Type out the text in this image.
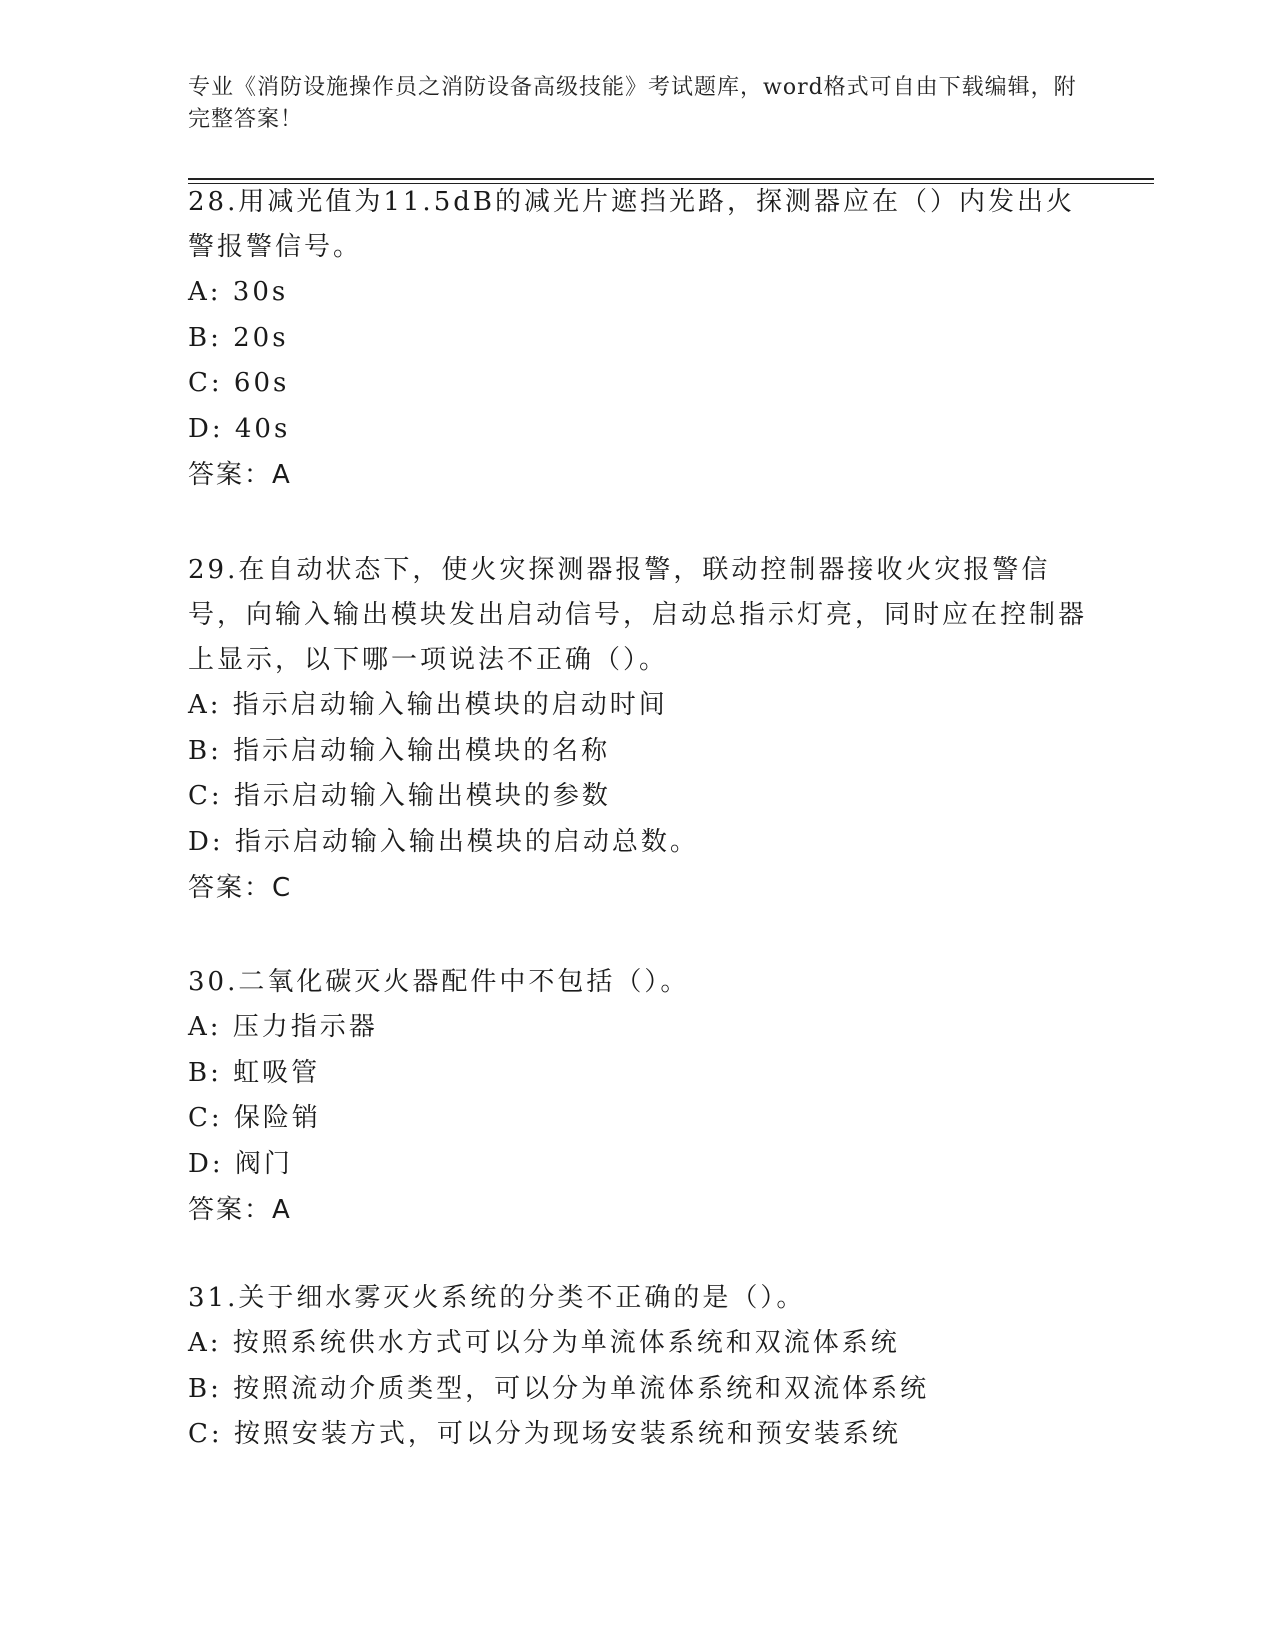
专业《消防设施操作员之消防设备高级技能》考试题库，word格式可自由下载编辑，附完整答案！

28.用减光值为11.5dB的减光片遮挡光路，探测器应在（）内发出火警报警信号。

A: 30s

B: 20s

C: 60s

D: 40s

答案：A

29.在自动状态下，使火灾探测器报警，联动控制器接收火灾报警信号，向输入输出模块发出启动信号，启动总指示灯亮，同时应在控制器上显示，以下哪一项说法不正确（）。

A: 指示启动输入输出模块的启动时间

B: 指示启动输入输出模块的名称

C: 指示启动输入输出模块的参数

D: 指示启动输入输出模块的启动总数。

答案：C

30.二氧化碳灭火器配件中不包括（）。

A: 压力指示器

B: 虹吸管

C: 保险销

D: 阀门

答案：A

31.关于细水雾灭火系统的分类不正确的是（）。

A: 按照系统供水方式可以分为单流体系统和双流体系统

B: 按照流动介质类型，可以分为单流体系统和双流体系统

C: 按照安装方式，可以分为现场安装系统和预安装系统
